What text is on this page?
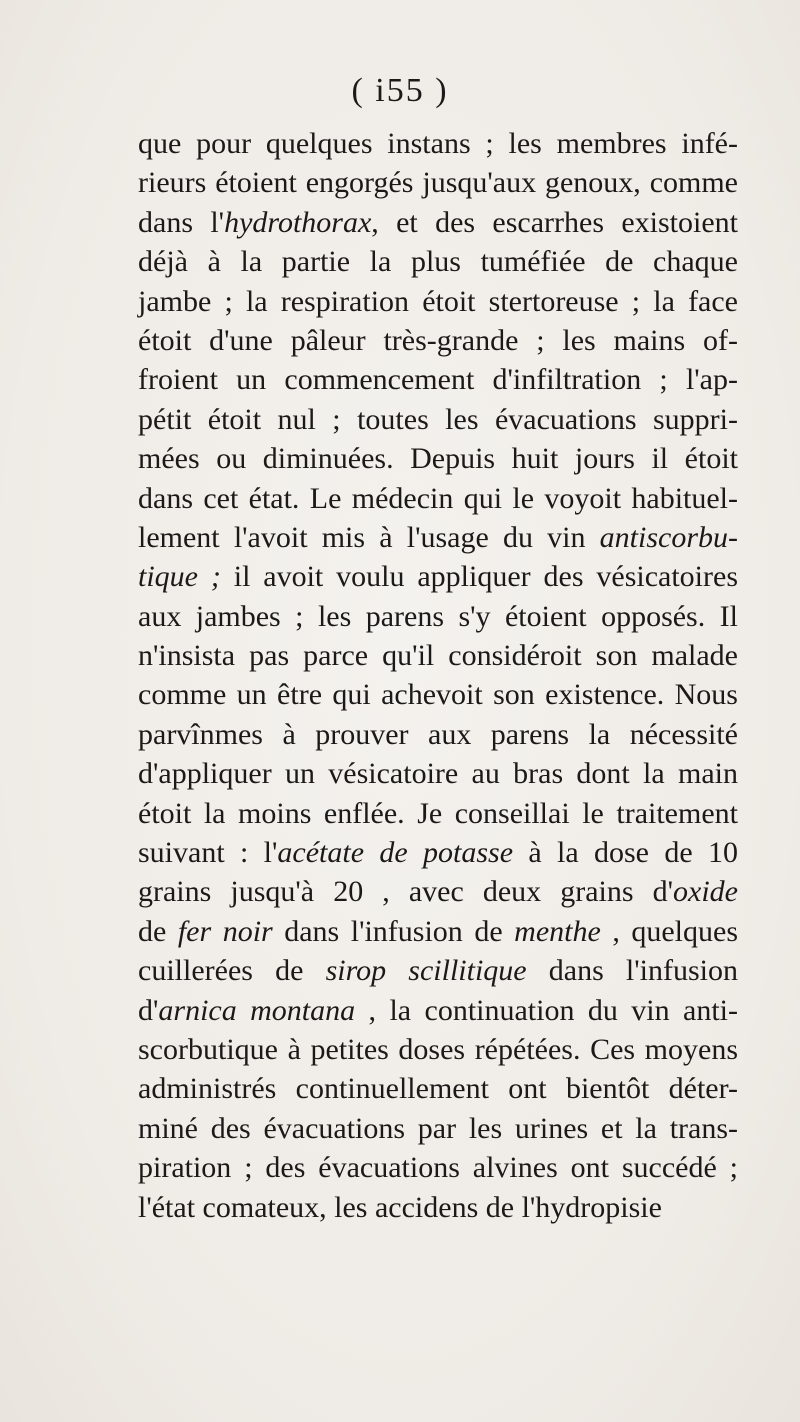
( i55 )
que pour quelques instans ; les membres infé-
rieurs étoient engorgés jusqu'aux genoux, comme
dans l'hydrothorax, et des escarrhes existoient
déjà à la partie la plus tuméfiée de chaque
jambe ; la respiration étoit stertoreuse ; la face
étoit d'une pâleur très-grande ; les mains of-
froient un commencement d'infiltration ; l'ap-
pétit étoit nul ; toutes les évacuations suppri-
mées ou diminuées. Depuis huit jours il étoit
dans cet état. Le médecin qui le voyoit habituel-
lement l'avoit mis à l'usage du vin antiscorbu-
tique ; il avoit voulu appliquer des vésicatoires
aux jambes ; les parens s'y étoient opposés. Il
n'insista pas parce qu'il considéroit son malade
comme un être qui achevoit son existence. Nous
parvînmes à prouver aux parens la nécessité
d'appliquer un vésicatoire au bras dont la main
étoit la moins enflée. Je conseillai le traitement
suivant : l'acétate de potasse à la dose de 10
grains jusqu'à 20 , avec deux grains d'oxide
de fer noir dans l'infusion de menthe , quelques
cuillerées de sirop scillitique dans l'infusion
d'arnica montana , la continuation du vin anti-
scorbutique à petites doses répétées. Ces moyens
administrés continuellement ont bientôt déter-
miné des évacuations par les urines et la trans-
piration ; des évacuations alvines ont succédé ;
l'état comateux, les accidens de l'hydropisie
